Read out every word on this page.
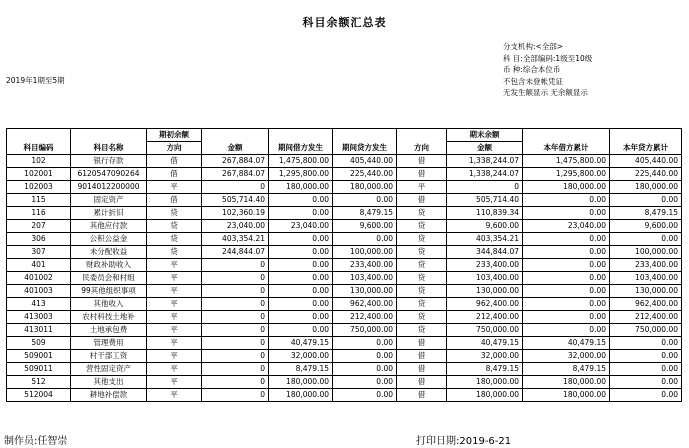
科目余额汇总表
分支机构:<全部>
科 目:全部编码:1级至10级
币 种:综合本位币
不包含未登帐凭证
无发生额显示 无余额显示
2019年1期至5期
		期初余额					期末余额		
科目编码	科目名称	方向	金额	期间借方发生	期间贷方发生	方向	金额	本年借方累计	本年贷方累计
102	银行存款	借	267,884.07	1,475,800.00	405,440.00	借	1,338,244.07	1,475,800.00	405,440.00
102001	6120547090264	借	267,884.07	1,295,800.00	225,440.00	借	1,338,244.07	1,295,800.00	225,440.00
102003	9014012200000	平	0	180,000.00	180,000.00	平	0	180,000.00	180,000.00
115	固定资产	借	505,714.40	0.00	0.00	借	505,714.40	0.00	0.00
116	累计折旧	贷	102,360.19	0.00	8,479.15	贷	110,839.34	0.00	8,479.15
207	其他应付款	贷	23,040.00	23,040.00	9,600.00	贷	9,600.00	23,040.00	9,600.00
306	公积公益金	贷	403,354.21	0.00	0.00	贷	403,354.21	0.00	0.00
307	未分配收益	贷	244,844.07	0.00	100,000.00	贷	344,844.07	0.00	100,000.00
401	财政补助收入	平	0	0.00	233,400.00	贷	233,400.00	0.00	233,400.00
401002	民委员会和村组	平	0	0.00	103,400.00	贷	103,400.00	0.00	103,400.00
401003	99其他组织事项	平	0	0.00	130,000.00	贷	130,000.00	0.00	130,000.00
413	其他收入	平	0	0.00	962,400.00	贷	962,400.00	0.00	962,400.00
413003	农村科技土地补	平	0	0.00	212,400.00	贷	212,400.00	0.00	212,400.00
413011	土地承包费	平	0	0.00	750,000.00	贷	750,000.00	0.00	750,000.00
509	管理费用	平	0	40,479.15	0.00	借	40,479.15	40,479.15	0.00
509001	村干部工资	平	0	32,000.00	0.00	借	32,000.00	32,000.00	0.00
509011	营性固定资产	平	0	8,479.15	0.00	借	8,479.15	8,479.15	0.00
512	其他支出	平	0	180,000.00	0.00	借	180,000.00	180,000.00	0.00
512004	耕地补偿款	平	0	180,000.00	0.00	借	180,000.00	180,000.00	0.00
制作员:任智崇	打印日期:2019-6-21
